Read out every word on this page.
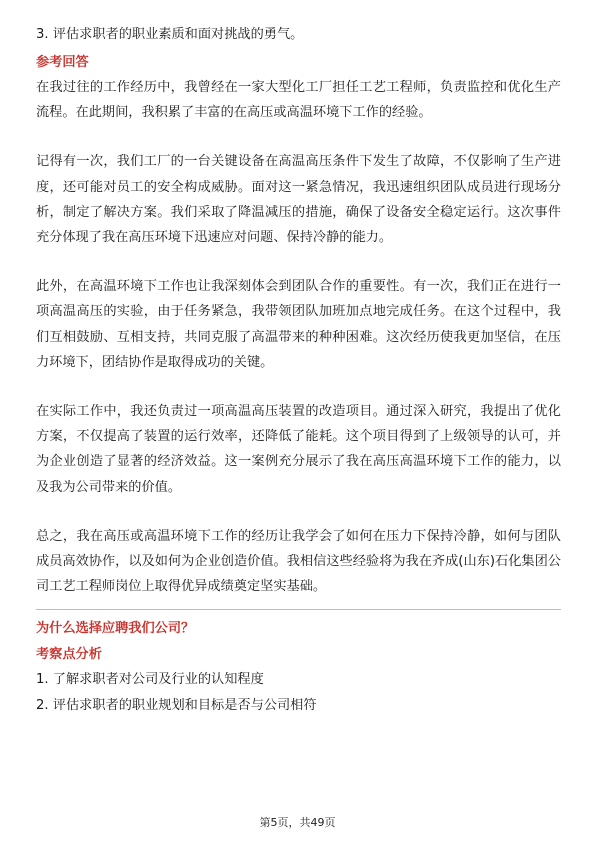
3. 评估求职者的职业素质和面对挑战的勇气。
参考回答
在我过往的工作经历中，我曾经在一家大型化工厂担任工艺工程师，负责监控和优化生产流程。在此期间，我积累了丰富的在高压或高温环境下工作的经验。
记得有一次，我们工厂的一台关键设备在高温高压条件下发生了故障，不仅影响了生产进度，还可能对员工的安全构成威胁。面对这一紧急情况，我迅速组织团队成员进行现场分析，制定了解决方案。我们采取了降温减压的措施，确保了设备安全稳定运行。这次事件充分体现了我在高压环境下迅速应对问题、保持冷静的能力。
此外，在高温环境下工作也让我深刻体会到团队合作的重要性。有一次，我们正在进行一项高温高压的实验，由于任务紧急，我带领团队加班加点地完成任务。在这个过程中，我们互相鼓励、互相支持，共同克服了高温带来的种种困难。这次经历使我更加坚信，在压力环境下，团结协作是取得成功的关键。
在实际工作中，我还负责过一项高温高压装置的改造项目。通过深入研究，我提出了优化方案，不仅提高了装置的运行效率，还降低了能耗。这个项目得到了上级领导的认可，并为企业创造了显著的经济效益。这一案例充分展示了我在高压高温环境下工作的能力，以及我为公司带来的价值。
总之，我在高压或高温环境下工作的经历让我学会了如何在压力下保持冷静，如何与团队成员高效协作，以及如何为企业创造价值。我相信这些经验将为我在齐成(山东)石化集团公司工艺工程师岗位上取得优异成绩奠定坚实基础。
为什么选择应聘我们公司？
考察点分析
1. 了解求职者对公司及行业的认知程度
2. 评估求职者的职业规划和目标是否与公司相符
第5页，共49页
